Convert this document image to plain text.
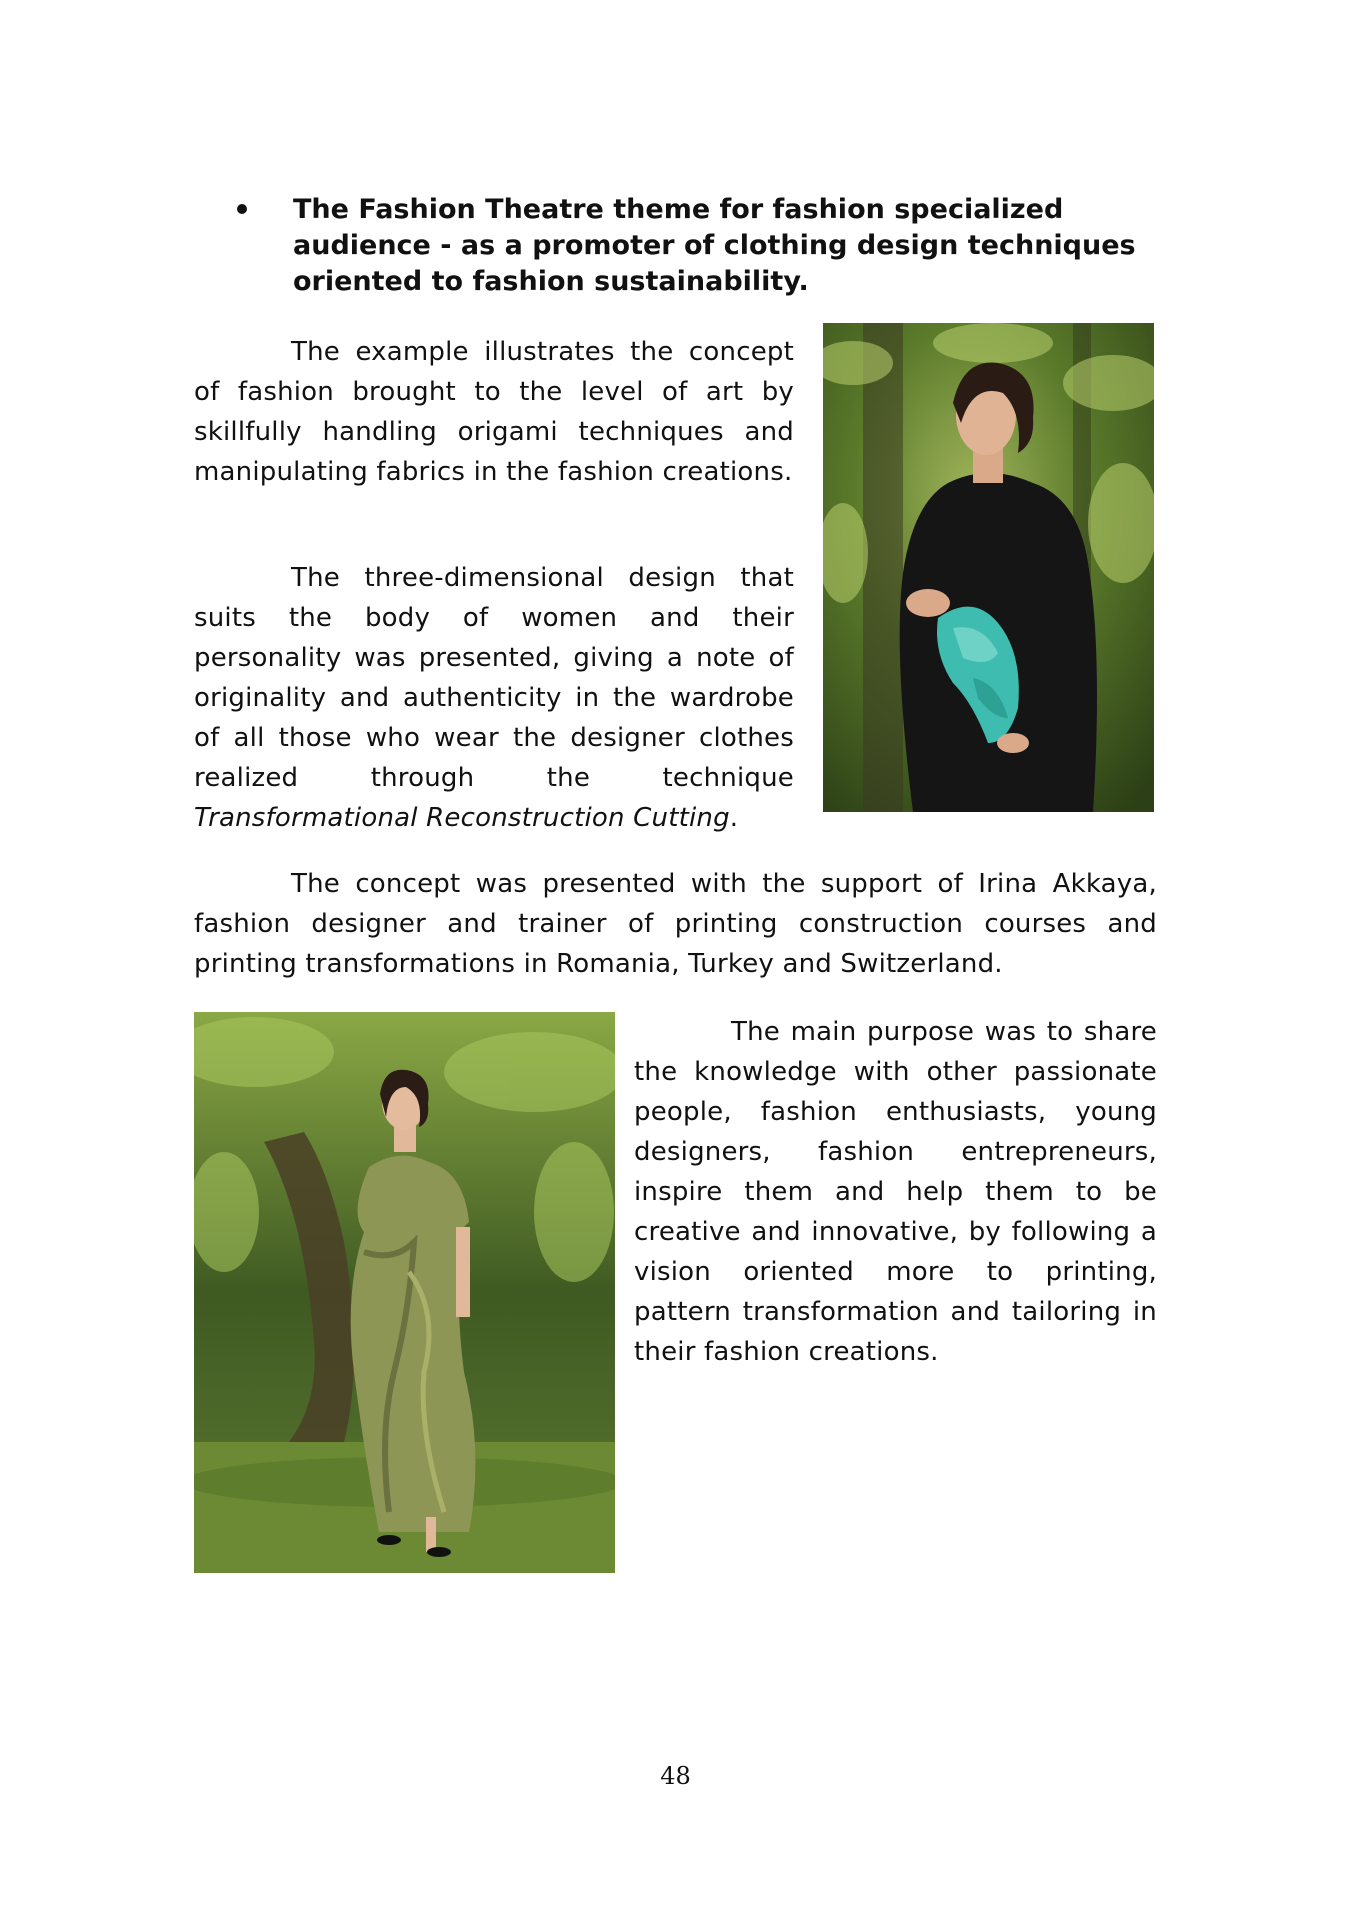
The Fashion Theatre theme for fashion specialized audience - as a promoter of clothing design techniques oriented to fashion sustainability.

The example illustrates the concept of fashion brought to the level of art by skillfully handling origami techniques and manipulating fabrics in the fashion creations.

The three-dimensional design that suits the body of women and their personality was presented, giving a note of originality and authenticity in the wardrobe of all those who wear the designer clothes realized through the technique Transformational Reconstruction Cutting.

The concept was presented with the support of Irina Akkaya, fashion designer and trainer of printing construction courses and printing transformations in Romania, Turkey and Switzerland.

The main purpose was to share the knowledge with other passionate people, fashion enthusiasts, young designers, fashion entrepreneurs, inspire them and help them to be creative and innovative, by following a vision oriented more to printing, pattern transformation and tailoring in their fashion creations.

48
